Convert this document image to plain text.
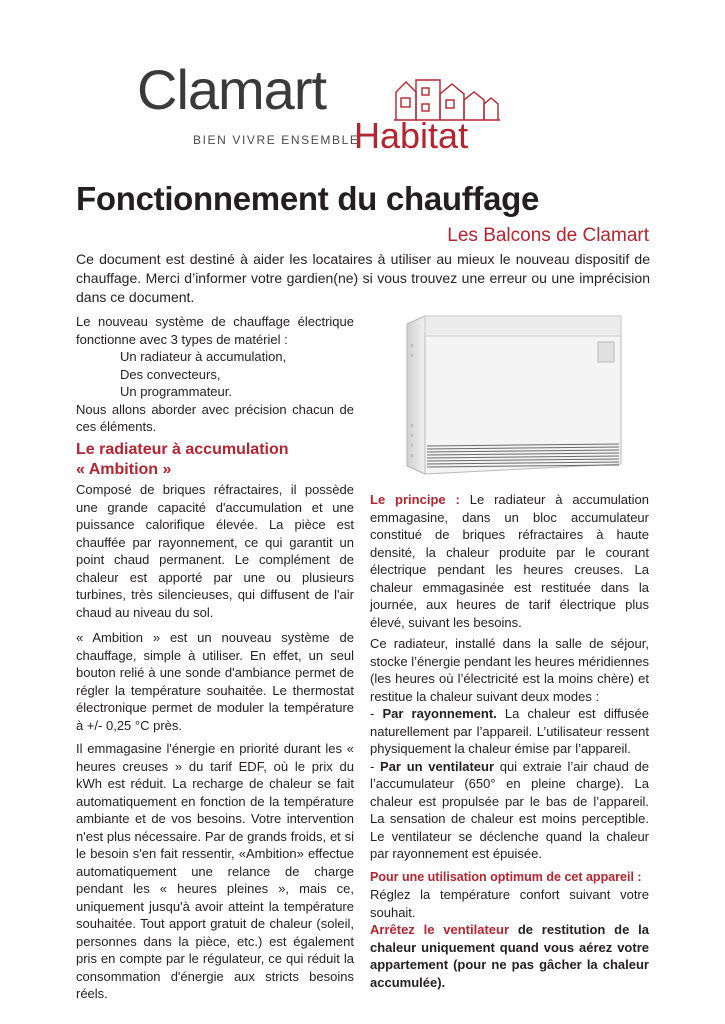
Clamart
BIEN VIVRE ENSEMBLE
Habitat
Fonctionnement du chauffage
Les Balcons de Clamart
Ce document est destiné à aider les locataires à utiliser au mieux le nouveau dispositif de chauffage. Merci d’informer votre gardien(ne) si vous trouvez une erreur ou une imprécision dans ce document.

Le nouveau système de chauffage électrique fonctionne avec 3 types de matériel :

Un radiateur à accumulation,

Des convecteurs,

Un programmateur.

Nous allons aborder avec précision chacun de ces éléments.

Le radiateur à accumulation
« Ambition »

Composé de briques réfractaires, il possède une grande capacité d'accumulation et une puissance calorifique élevée. La pièce est chauffée par rayonnement, ce qui garantit un point chaud permanent. Le complément de chaleur est apporté par une ou plusieurs turbines, très silencieuses, qui diffusent de l'air chaud au niveau du sol.

« Ambition » est un nouveau système de chauffage, simple à utiliser. En effet, un seul bouton relié à une sonde d'ambiance permet de régler la température souhaitée. Le thermostat électronique permet de moduler la température à +/- 0,25 °C près.

Il emmagasine l'énergie en priorité durant les « heures creuses » du tarif EDF, où le prix du kWh est réduit. La recharge de chaleur se fait automatiquement en fonction de la température ambiante et de vos besoins. Votre intervention n'est plus nécessaire. Par de grands froids, et si le besoin s'en fait ressentir, «Ambition» effectue automatiquement une relance de charge pendant les « heures pleines », mais ce, uniquement jusqu'à avoir atteint la température souhaitée. Tout apport gratuit de chaleur (soleil, personnes dans la pièce, etc.) est également pris en compte par le régulateur, ce qui réduit la consommation d'énergie aux stricts besoins réels.

Le principe : Le radiateur à accumulation emmagasine, dans un bloc accumulateur constitué de briques réfractaires à haute densité, la chaleur produite par le courant électrique pendant les heures creuses. La chaleur emmagasinée est restituée dans la journée, aux heures de tarif électrique plus élevé, suivant les besoins.

Ce radiateur, installé dans la salle de séjour, stocke l’énergie pendant les heures méridiennes (les heures où l’électricité est la moins chère) et restitue la chaleur suivant deux modes :

- Par rayonnement. La chaleur est diffusée naturellement par l’appareil. L’utilisateur ressent physiquement la chaleur émise par l’appareil.

- Par un ventilateur qui extraie l’air chaud de l’accumulateur (650° en pleine charge). La chaleur est propulsée par le bas de l’appareil. La sensation de chaleur est moins perceptible. Le ventilateur se déclenche quand la chaleur par rayonnement est épuisée.

Pour une utilisation optimum de cet appareil :

Réglez la température confort suivant votre souhait.

Arrêtez le ventilateur de restitution de la chaleur uniquement quand vous aérez votre appartement (pour ne pas gâcher la chaleur accumulée).
